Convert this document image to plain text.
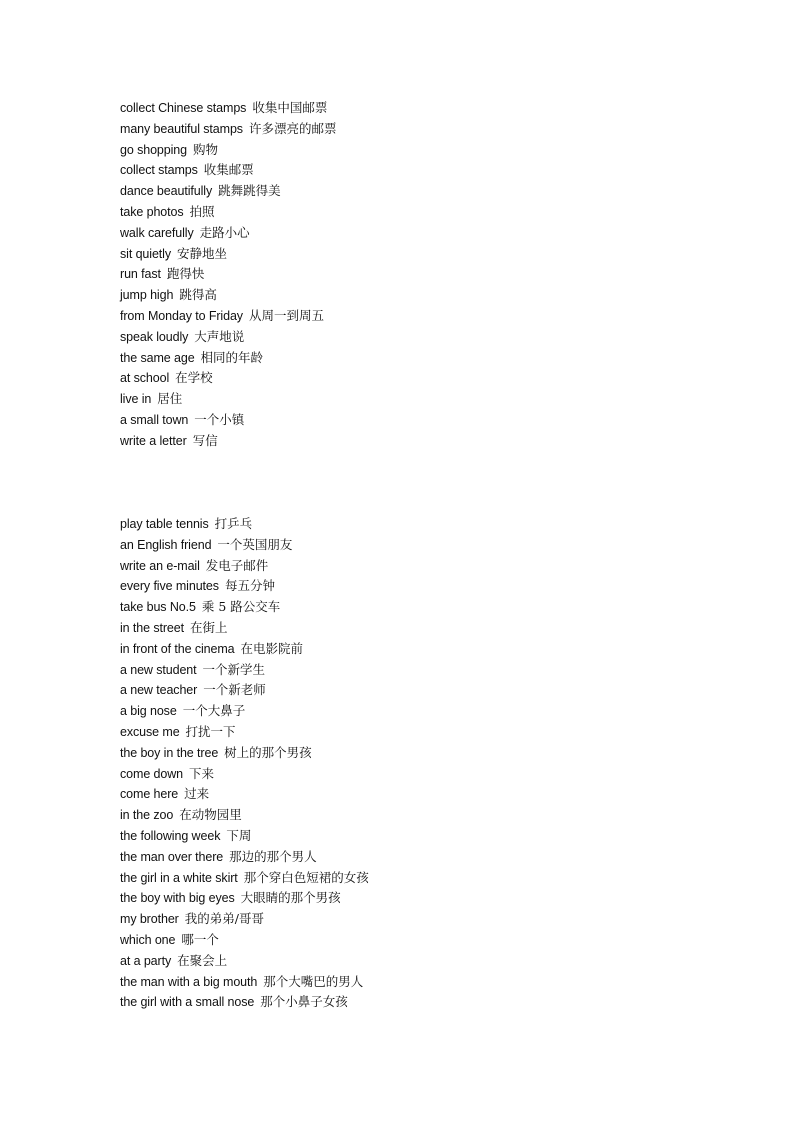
collect Chinese stamps 收集中国邮票
many beautiful stamps 许多漂亮的邮票
go shopping 购物
collect stamps 收集邮票
dance beautifully 跳舞跳得美
take photos 拍照
walk carefully 走路小心
sit quietly 安静地坐
run fast 跑得快
jump high 跳得高
from Monday to Friday 从周一到周五
speak loudly 大声地说
the same age 相同的年龄
at school 在学校
live in 居住
a small town 一个小镇
write a letter 写信
play table tennis 打乒乓
an English friend 一个英国朋友
write an e-mail 发电子邮件
every five minutes 每五分钟
take bus No.5 乘 5 路公交车
in the street 在街上
in front of the cinema 在电影院前
a new student 一个新学生
a new teacher 一个新老师
a big nose 一个大鼻子
excuse me 打扰一下
the boy in the tree 树上的那个男孩
come down 下来
come here 过来
in the zoo 在动物园里
the following week 下周
the man over there 那边的那个男人
the girl in a white skirt 那个穿白色短裙的女孩
the boy with big eyes 大眼睛的那个男孩
my brother 我的弟弟/哥哥
which one 哪一个
at a party 在聚会上
the man with a big mouth 那个大嘴巴的男人
the girl with a small nose 那个小鼻子女孩
